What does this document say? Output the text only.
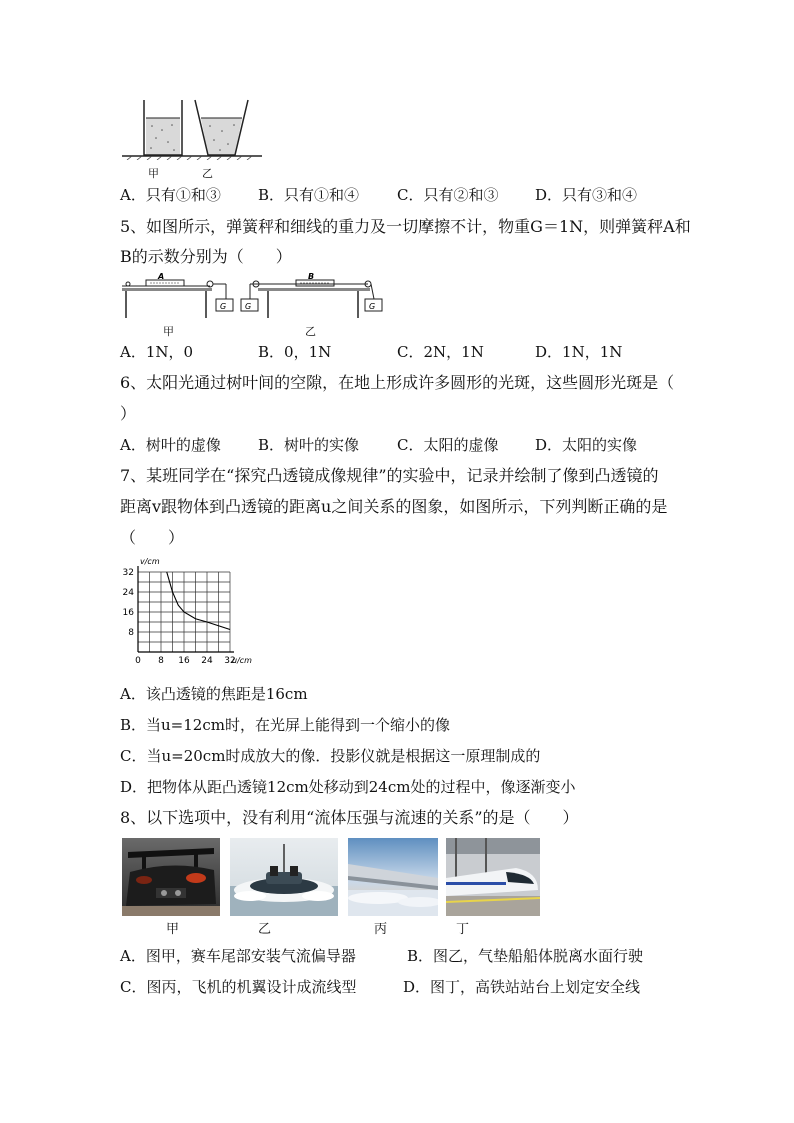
甲	乙
A．只有①和③ B．只有①和④	C．只有②和③ D．只有③和④
5、如图所示，弹簧秤和细线的重力及一切摩擦不计，物重G＝1N，则弹簧秤A和
B的示数分别为（　　）
A
G G
B
G
甲	乙
A．1N，0	B．0，1N	C．2N，1N	D．1N，1N
6、太阳光通过树叶间的空隙，在地上形成许多圆形的光斑，这些圆形光斑是（
）
A．树叶的虚像 B．树叶的实像	C．太阳的虚像 D．太阳的实像
7、某班同学在“探究凸透镜成像规律”的实验中，记录并绘制了像到凸透镜的
距离v跟物体到凸透镜的距离u之间关系的图象，如图所示，下列判断正确的是
（　　）
0 8 16 24 32
8
16
24
32
u/cm
v/cm
A．该凸透镜的焦距是16cm
B．当u=12cm时，在光屏上能得到一个缩小的像
C．当u=20cm时成放大的像．投影仪就是根据这一原理制成的
D．把物体从距凸透镜12cm处移动到24cm处的过程中，像逐渐变小
8、以下选项中，没有利用“流体压强与流速的关系”的是（　　）
甲	乙	丙	丁
A．图甲，赛车尾部安装气流偏导器	B．图乙，气垫船船体脱离水面行驶
C．图丙，飞机的机翼设计成流线型	D．图丁，高铁站站台上划定安全线
